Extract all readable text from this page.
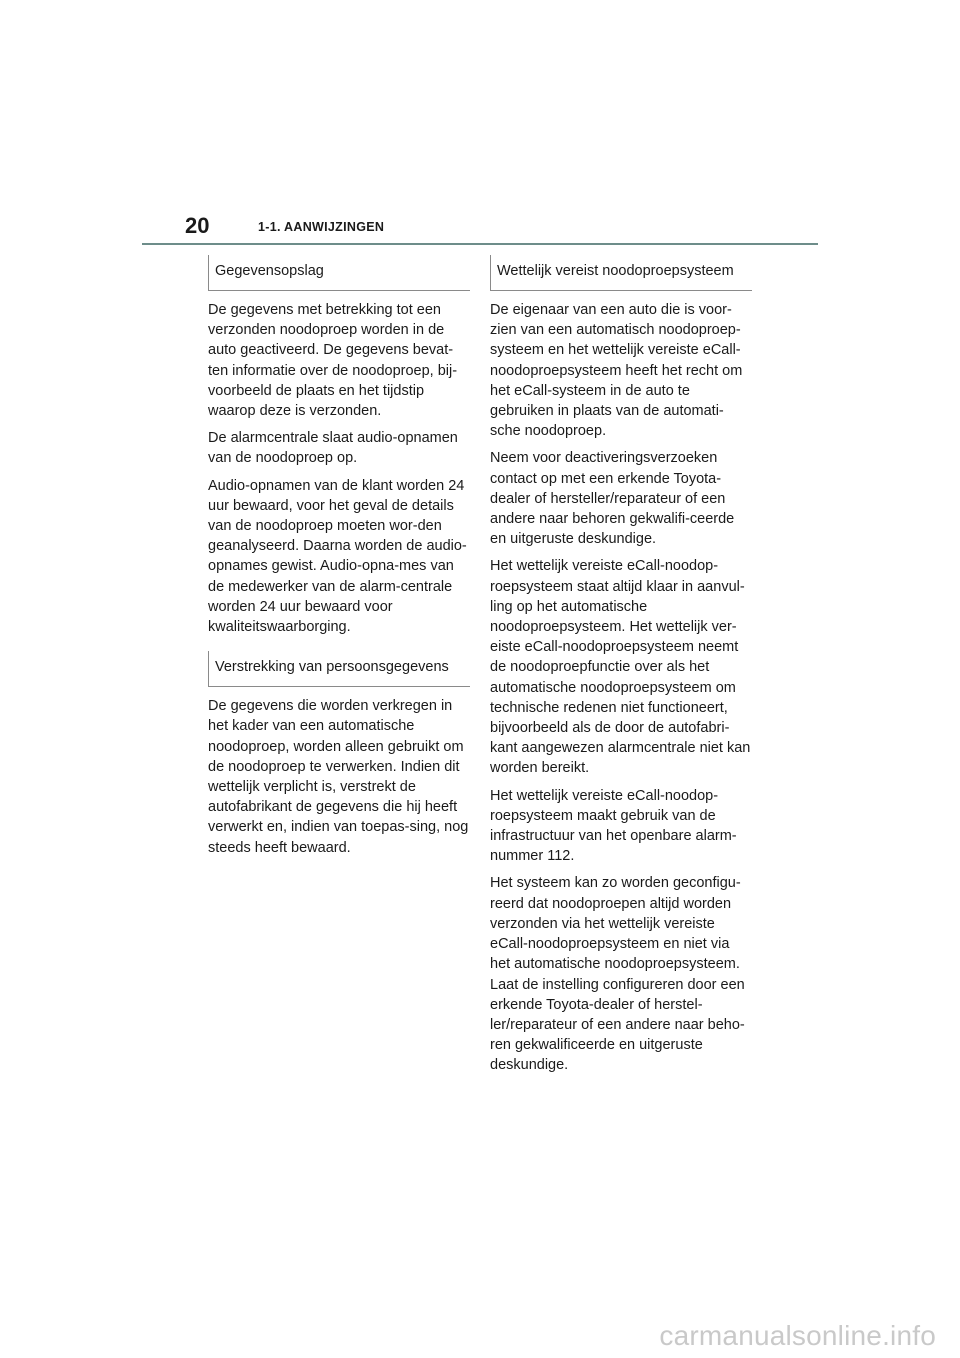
20	1-1. AANWIJZINGEN
Gegevensopslag

De gegevens met betrekking tot een verzonden noodoproep worden in de auto geactiveerd. De gegevens bevat-ten informatie over de noodoproep, bij-voorbeeld de plaats en het tijdstip waarop deze is verzonden.

De alarmcentrale slaat audio-opnamen van de noodoproep op.

Audio-opnamen van de klant worden 24 uur bewaard, voor het geval de details van de noodoproep moeten wor-den geanalyseerd. Daarna worden de audio-opnames gewist. Audio-opna-mes van de medewerker van de alarm-centrale worden 24 uur bewaard voor kwaliteitswaarborging.

Verstrekking van persoonsgegevens

De gegevens die worden verkregen in het kader van een automatische noodoproep, worden alleen gebruikt om de noodoproep te verwerken. Indien dit wettelijk verplicht is, verstrekt de autofabrikant de gegevens die hij heeft verwerkt en, indien van toepas-sing, nog steeds heeft bewaard.

Wettelijk vereist noodoproepsysteem

De eigenaar van een auto die is voor-zien van een automatisch noodoproep-systeem en het wettelijk vereiste eCall-noodoproepsysteem heeft het recht om het eCall-systeem in de auto te gebruiken in plaats van de automati-sche noodoproep.

Neem voor deactiveringsverzoeken contact op met een erkende Toyota-dealer of hersteller/reparateur of een andere naar behoren gekwalifi-ceerde en uitgeruste deskundige.

Het wettelijk vereiste eCall-noodop-roepsysteem staat altijd klaar in aanvul-ling op het automatische noodoproepsysteem. Het wettelijk ver-eiste eCall-noodoproepsysteem neemt de noodoproepfunctie over als het automatische noodoproepsysteem om technische redenen niet functioneert, bijvoorbeeld als de door de autofabri-kant aangewezen alarmcentrale niet kan worden bereikt.

Het wettelijk vereiste eCall-noodop-roepsysteem maakt gebruik van de infrastructuur van het openbare alarm-nummer 112.

Het systeem kan zo worden geconfigu-reerd dat noodoproepen altijd worden verzonden via het wettelijk vereiste eCall-noodoproepsysteem en niet via het automatische noodoproepsysteem. Laat de instelling configureren door een erkende Toyota-dealer of herstel-ler/reparateur of een andere naar beho-ren gekwalificeerde en uitgeruste deskundige.

carmanualsonline.info
